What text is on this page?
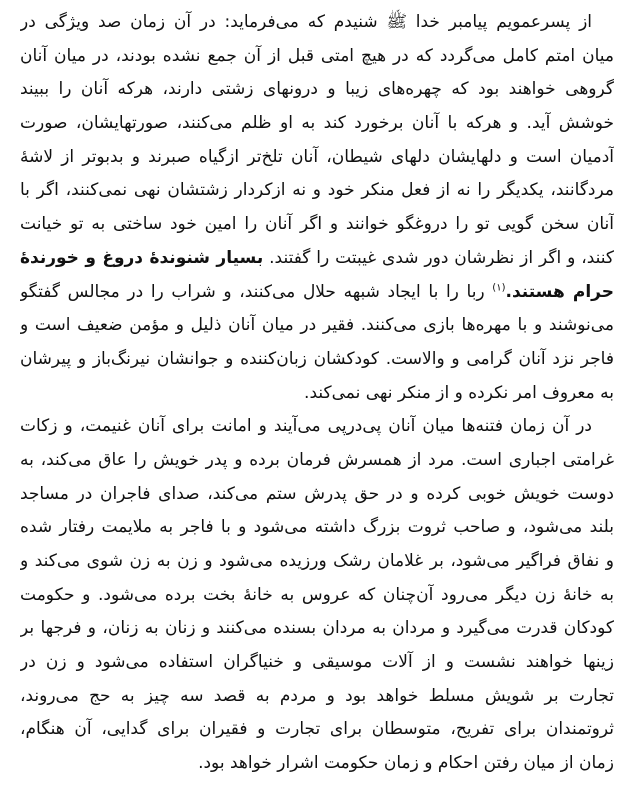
از پسرعمویم پیامبر خدا ﷺ شنیدم که می‌فرماید: در آن زمان صد ویژگی در
میان امتم کامل می‌گردد که در هیچ امتی قبل از آن جمع نشده بودند، در میان آنان
گروهی خواهند بود که چهره‌های زیبا و درونهای زشتی دارند، هرکه آنان را ببیند
خوشش آید. و هرکه با آنان برخورد کند به او ظلم می‌کنند، صورتهایشان، صورت
آدمیان است و دلهایشان دلهای شیطان، آنان تلخ‌تر ازگیاه صبرند و بدبوتر از لاشهٔ
مردگانند، یکدیگر را نه از فعل منکر خود و نه ازکردار زشتشان نهی نمی‌کنند، اگر با
آنان سخن گویی تو را دروغگو خوانند و اگر آنان را امین خود ساختی به تو خیانت
کنند، و اگر از نظرشان دور شدی غیبتت را گفتند. بسیار شنوندهٔ دروغ و خورندهٔ
حرام هستند.$^{(۱)}$ ربا را با ایجاد شبهه حلال می‌کنند، و شراب را در مجالس گفتگو
می‌نوشند و با مهره‌ها بازی می‌کنند. فقیر در میان آنان ذلیل و مؤمن ضعیف است و
فاجر نزد آنان گرامی و والاست. کودکشان زبان‌کننده و جوانشان نیرنگ‌باز و پیرشان
به معروف امر نکرده و از منکر نهی نمی‌کند.
در آن زمان فتنه‌ها میان آنان پی‌درپی می‌آیند و امانت برای آنان غنیمت، و زکات
غرامتی اجباری است. مرد از همسرش فرمان برده و پدر خویش را عاق می‌کند، به
دوست خویش خوبی کرده و در حق پدرش ستم می‌کند، صدای فاجران در مساجد
بلند می‌شود، و صاحب ثروت بزرگ داشته می‌شود و با فاجر به ملایمت رفتار شده
و نفاق فراگیر می‌شود، بر غلامان رشک ورزیده می‌شود و زن به زن شوی می‌کند و
به خانهٔ زن دیگر می‌رود آن‌چنان که عروس به خانهٔ بخت برده می‌شود. و حکومت
کودکان قدرت می‌گیرد و مردان به مردان بسنده می‌کنند و زنان به زنان، و فرجها بر
زینها خواهند نشست و از آلات موسیقی و خنیاگران استفاده می‌شود و زن در
تجارت بر شویش مسلط خواهد بود و مردم به قصد سه چیز به حج می‌روند،
ثروتمندان برای تفریح، متوسطان برای تجارت و فقیران برای گدایی، آن هنگام،
زمان از میان رفتن احکام و زمان حکومت اشرار خواهد بود.
